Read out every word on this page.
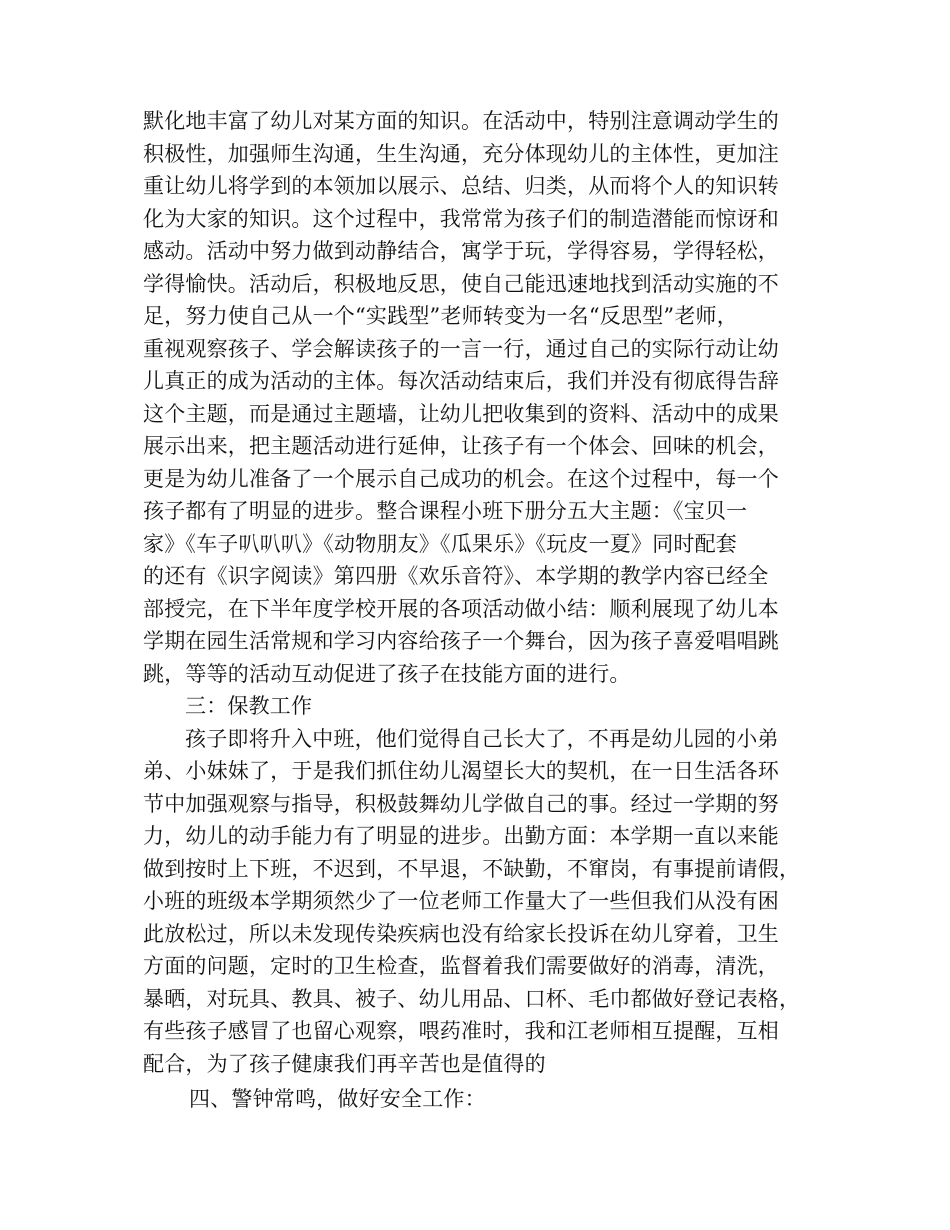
默化地丰富了幼儿对某方面的知识。在活动中，特别注意调动学生的
积极性，加强师生沟通，生生沟通，充分体现幼儿的主体性，更加注
重让幼儿将学到的本领加以展示、总结、归类，从而将个人的知识转
化为大家的知识。这个过程中，我常常为孩子们的制造潜能而惊讶和
感动。活动中努力做到动静结合，寓学于玩，学得容易，学得轻松，
学得愉快。活动后，积极地反思，使自己能迅速地找到活动实施的不
足，努力使自己从一个“实践型”老师转变为一名“反思型”老师，
重视观察孩子、学会解读孩子的一言一行，通过自己的实际行动让幼
儿真正的成为活动的主体。每次活动结束后，我们并没有彻底得告辞
这个主题，而是通过主题墙，让幼儿把收集到的资料、活动中的成果
展示出来，把主题活动进行延伸，让孩子有一个体会、回味的机会，
更是为幼儿准备了一个展示自己成功的机会。在这个过程中，每一个
孩子都有了明显的进步。整合课程小班下册分五大主题：《宝贝一
家》《车子叭叭叭》《动物朋友》《瓜果乐》《玩皮一夏》同时配套
的还有《识字阅读》第四册《欢乐音符》、本学期的教学内容已经全
部授完，在下半年度学校开展的各项活动做小结：顺利展现了幼儿本
学期在园生活常规和学习内容给孩子一个舞台，因为孩子喜爱唱唱跳
跳，等等的活动互动促进了孩子在技能方面的进行。
三：保教工作
孩子即将升入中班，他们觉得自己长大了，不再是幼儿园的小弟
弟、小妹妹了，于是我们抓住幼儿渴望长大的契机，在一日生活各环
节中加强观察与指导，积极鼓舞幼儿学做自己的事。经过一学期的努
力，幼儿的动手能力有了明显的进步。出勤方面：本学期一直以来能
做到按时上下班，不迟到，不早退，不缺勤，不窜岗，有事提前请假，
小班的班级本学期须然少了一位老师工作量大了一些但我们从没有困
此放松过，所以未发现传染疾病也没有给家长投诉在幼儿穿着，卫生
方面的问题，定时的卫生检查，监督着我们需要做好的消毒，清洗，
暴晒，对玩具、教具、被子、幼儿用品、口杯、毛巾都做好登记表格，
有些孩子感冒了也留心观察，喂药准时，我和江老师相互提醒，互相
配合，为了孩子健康我们再辛苦也是值得的
四、警钟常鸣，做好安全工作：
